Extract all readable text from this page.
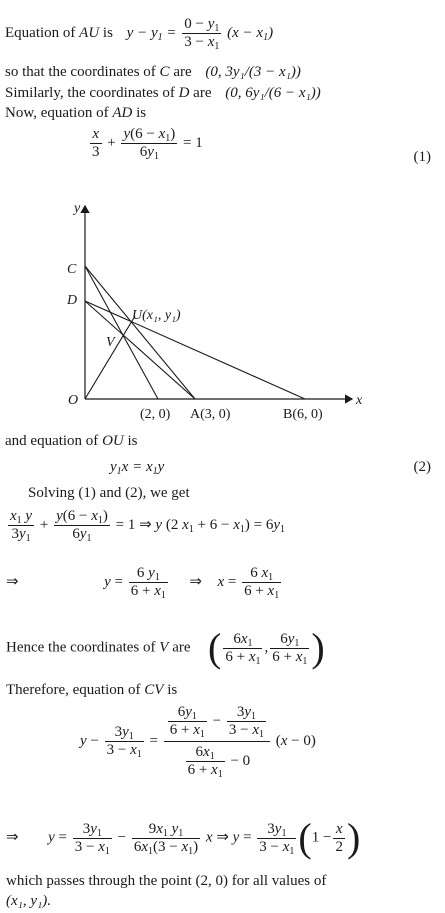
Equation of AU is $y - y_1 = \frac{0 - y_1}{3 - x_1} (x - x_1)$
so that the coordinates of C are (0, 3y₁/(3 − x₁))
Similarly, the coordinates of D are (0, 6y₁/(6 − x₁))
Now, equation of AD is
$\frac{x}{3} + \frac{y(6 - x_1)}{6y_1} = 1$
(1)
y
x
C
D
U(x₁, y₁)
V
O
(2, 0) A(3, 0)	B(6, 0)
and equation of OU is
$y_1x = x_1y$	(2)
Solving (1) and (2), we get
$\frac{x_1 y}{3y_1} + \frac{y(6 - x_1)}{6y_1} = 1$ ⇒ y (2 $x_1 + 6 - x_1) = 6y_1$
⇒	$y = \frac{6 y_1}{6 + x_1}$ ⇒ $x = \frac{6 x_1}{6 + x_1}$
Hence the coordinates of V are ( $\frac{6x_1}{6 + x_1}$ , $\frac{6y_1}{6 + x_1}$ )
Therefore, equation of CV is
$y - \frac{3y_1}{3 - x_1}$ =
$\frac{6y_1}{6 + x_1} - \frac{3y_1}{3 - x_1}$
$\frac{6x_1}{6 + x_1} - 0$
(x − 0)
⇒ $y = \frac{3y_1}{3 - x_1} - \frac{9x_1 y_1}{6x_1(3 - x_1)}$ x ⇒ $y = \frac{3y_1}{3 - x_1} (1 - \frac{x}{2}$ )
which passes through the point (2, 0) for all values of
(x₁, y₁).
